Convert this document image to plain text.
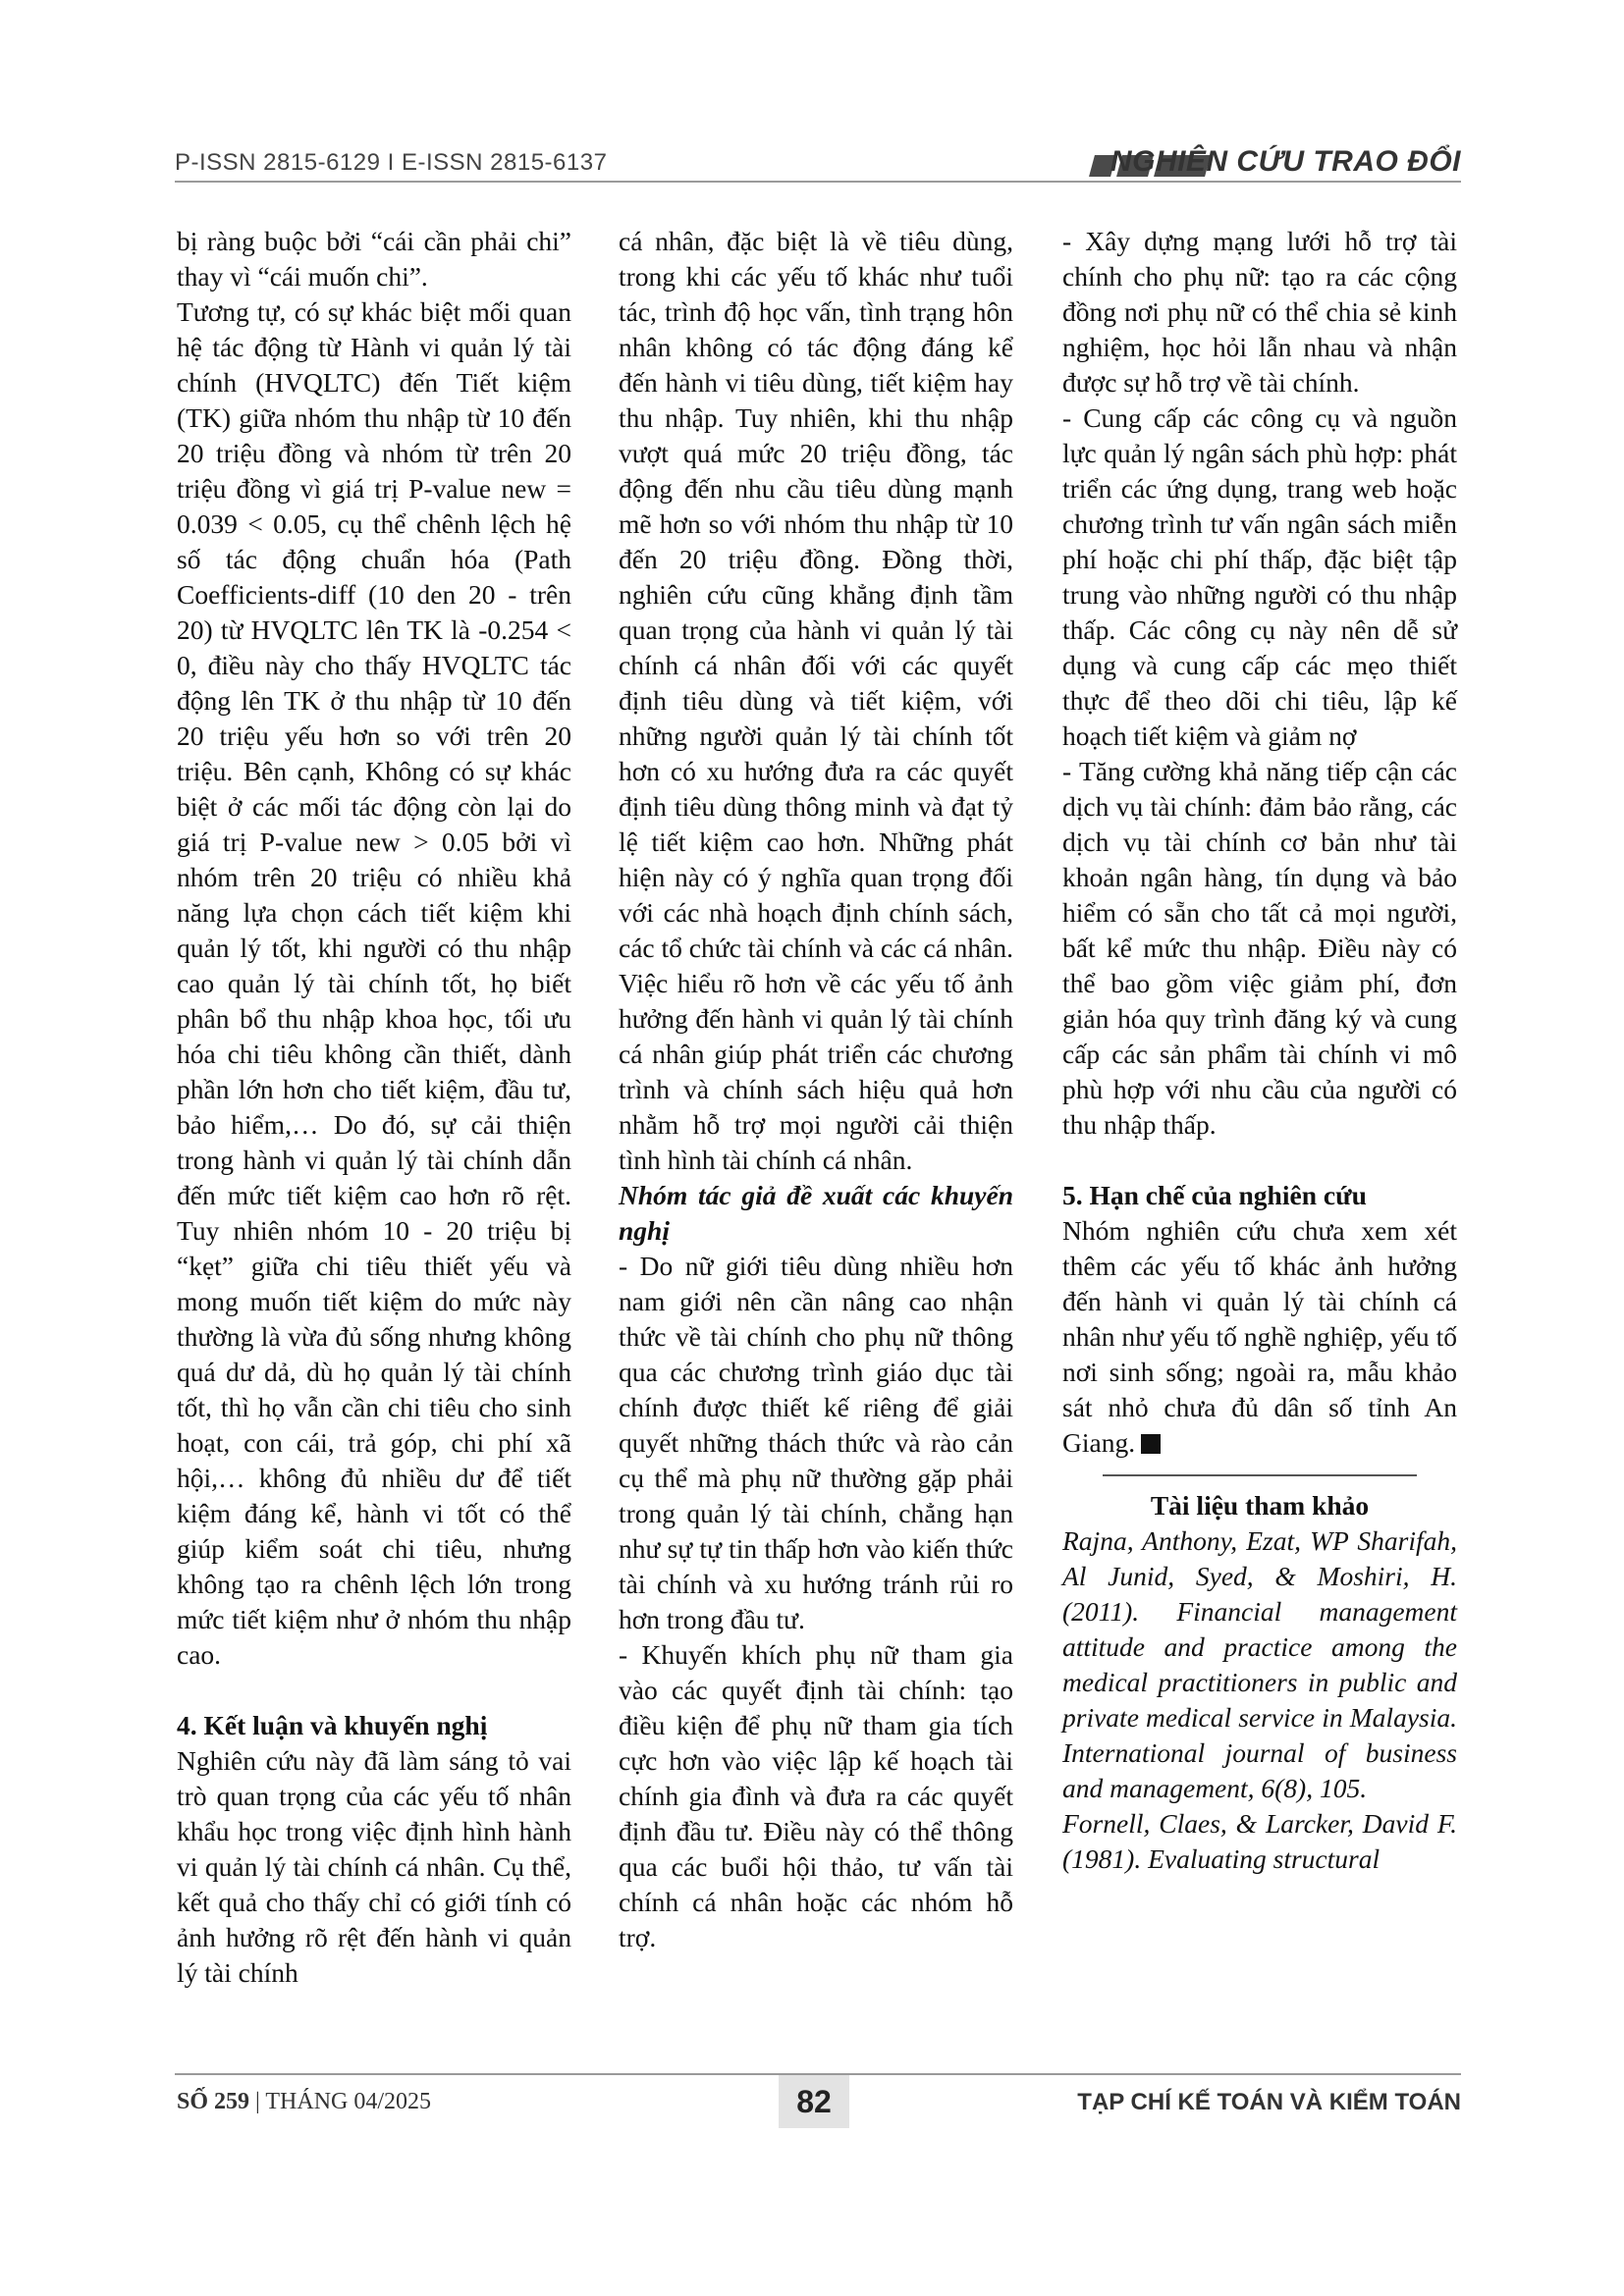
P-ISSN 2815-6129 I E-ISSN 2815-6137	NGHIÊN CỨU TRAO ĐỔI

bị ràng buộc bởi “cái cần phải chi” thay vì “cái muốn chi”.

Tương tự, có sự khác biệt mối quan hệ tác động từ Hành vi quản lý tài chính (HVQLTC) đến Tiết kiệm (TK) giữa nhóm thu nhập từ 10 đến 20 triệu đồng và nhóm từ trên 20 triệu đồng vì giá trị P-value new = 0.039 < 0.05, cụ thể chênh lệch hệ số tác động chuẩn hóa (Path Coefficients-diff (10 den 20 - trên 20) từ HVQLTC lên TK là -0.254 < 0, điều này cho thấy HVQLTC tác động lên TK ở thu nhập từ 10 đến 20 triệu yếu hơn so với trên 20 triệu. Bên cạnh, Không có sự khác biệt ở các mối tác động còn lại do giá trị P-value new > 0.05 bởi vì nhóm trên 20 triệu có nhiều khả năng lựa chọn cách tiết kiệm khi quản lý tốt, khi người có thu nhập cao quản lý tài chính tốt, họ biết phân bổ thu nhập khoa học, tối ưu hóa chi tiêu không cần thiết, dành phần lớn hơn cho tiết kiệm, đầu tư, bảo hiểm,… Do đó, sự cải thiện trong hành vi quản lý tài chính dẫn đến mức tiết kiệm cao hơn rõ rệt. Tuy nhiên nhóm 10 - 20 triệu bị “kẹt” giữa chi tiêu thiết yếu và mong muốn tiết kiệm do mức này thường là vừa đủ sống nhưng không quá dư dả, dù họ quản lý tài chính tốt, thì họ vẫn cần chi tiêu cho sinh hoạt, con cái, trả góp, chi phí xã hội,… không đủ nhiều dư để tiết kiệm đáng kể, hành vi tốt có thể giúp kiểm soát chi tiêu, nhưng không tạo ra chênh lệch lớn trong mức tiết kiệm như ở nhóm thu nhập cao.

4. Kết luận và khuyến nghị

Nghiên cứu này đã làm sáng tỏ vai trò quan trọng của các yếu tố nhân khẩu học trong việc định hình hành vi quản lý tài chính cá nhân. Cụ thể, kết quả cho thấy chỉ có giới tính có ảnh hưởng rõ rệt đến hành vi quản lý tài chính

cá nhân, đặc biệt là về tiêu dùng, trong khi các yếu tố khác như tuổi tác, trình độ học vấn, tình trạng hôn nhân không có tác động đáng kể đến hành vi tiêu dùng, tiết kiệm hay thu nhập. Tuy nhiên, khi thu nhập vượt quá mức 20 triệu đồng, tác động đến nhu cầu tiêu dùng mạnh mẽ hơn so với nhóm thu nhập từ 10 đến 20 triệu đồng. Đồng thời, nghiên cứu cũng khẳng định tầm quan trọng của hành vi quản lý tài chính cá nhân đối với các quyết định tiêu dùng và tiết kiệm, với những người quản lý tài chính tốt hơn có xu hướng đưa ra các quyết định tiêu dùng thông minh và đạt tỷ lệ tiết kiệm cao hơn. Những phát hiện này có ý nghĩa quan trọng đối với các nhà hoạch định chính sách, các tổ chức tài chính và các cá nhân. Việc hiểu rõ hơn về các yếu tố ảnh hưởng đến hành vi quản lý tài chính cá nhân giúp phát triển các chương trình và chính sách hiệu quả hơn nhằm hỗ trợ mọi người cải thiện tình hình tài chính cá nhân.

Nhóm tác giả đề xuất các khuyến nghị

- Do nữ giới tiêu dùng nhiều hơn nam giới nên cần nâng cao nhận thức về tài chính cho phụ nữ thông qua các chương trình giáo dục tài chính được thiết kế riêng để giải quyết những thách thức và rào cản cụ thể mà phụ nữ thường gặp phải trong quản lý tài chính, chẳng hạn như sự tự tin thấp hơn vào kiến thức tài chính và xu hướng tránh rủi ro hơn trong đầu tư.

- Khuyến khích phụ nữ tham gia vào các quyết định tài chính: tạo điều kiện để phụ nữ tham gia tích cực hơn vào việc lập kế hoạch tài chính gia đình và đưa ra các quyết định đầu tư. Điều này có thể thông qua các buổi hội thảo, tư vấn tài chính cá nhân hoặc các nhóm hỗ trợ.

- Xây dựng mạng lưới hỗ trợ tài chính cho phụ nữ: tạo ra các cộng đồng nơi phụ nữ có thể chia sẻ kinh nghiệm, học hỏi lẫn nhau và nhận được sự hỗ trợ về tài chính.

- Cung cấp các công cụ và nguồn lực quản lý ngân sách phù hợp: phát triển các ứng dụng, trang web hoặc chương trình tư vấn ngân sách miễn phí hoặc chi phí thấp, đặc biệt tập trung vào những người có thu nhập thấp. Các công cụ này nên dễ sử dụng và cung cấp các mẹo thiết thực để theo dõi chi tiêu, lập kế hoạch tiết kiệm và giảm nợ

- Tăng cường khả năng tiếp cận các dịch vụ tài chính: đảm bảo rằng, các dịch vụ tài chính cơ bản như tài khoản ngân hàng, tín dụng và bảo hiểm có sẵn cho tất cả mọi người, bất kể mức thu nhập. Điều này có thể bao gồm việc giảm phí, đơn giản hóa quy trình đăng ký và cung cấp các sản phẩm tài chính vi mô phù hợp với nhu cầu của người có thu nhập thấp.

5. Hạn chế của nghiên cứu

Nhóm nghiên cứu chưa xem xét thêm các yếu tố khác ảnh hưởng đến hành vi quản lý tài chính cá nhân như yếu tố nghề nghiệp, yếu tố nơi sinh sống; ngoài ra, mẫu khảo sát nhỏ chưa đủ dân số tỉnh An Giang.

Tài liệu tham khảo

Rajna, Anthony, Ezat, WP Sharifah, Al Junid, Syed, & Moshiri, H. (2011). Financial management attitude and practice among the medical practitioners in public and private medical service in Malaysia. International journal of business and management, 6(8), 105.

Fornell, Claes, & Larcker, David F. (1981). Evaluating structural

SỐ 259 | THÁNG 04/2025	82	TẠP CHÍ KẾ TOÁN VÀ KIỂM TOÁN
